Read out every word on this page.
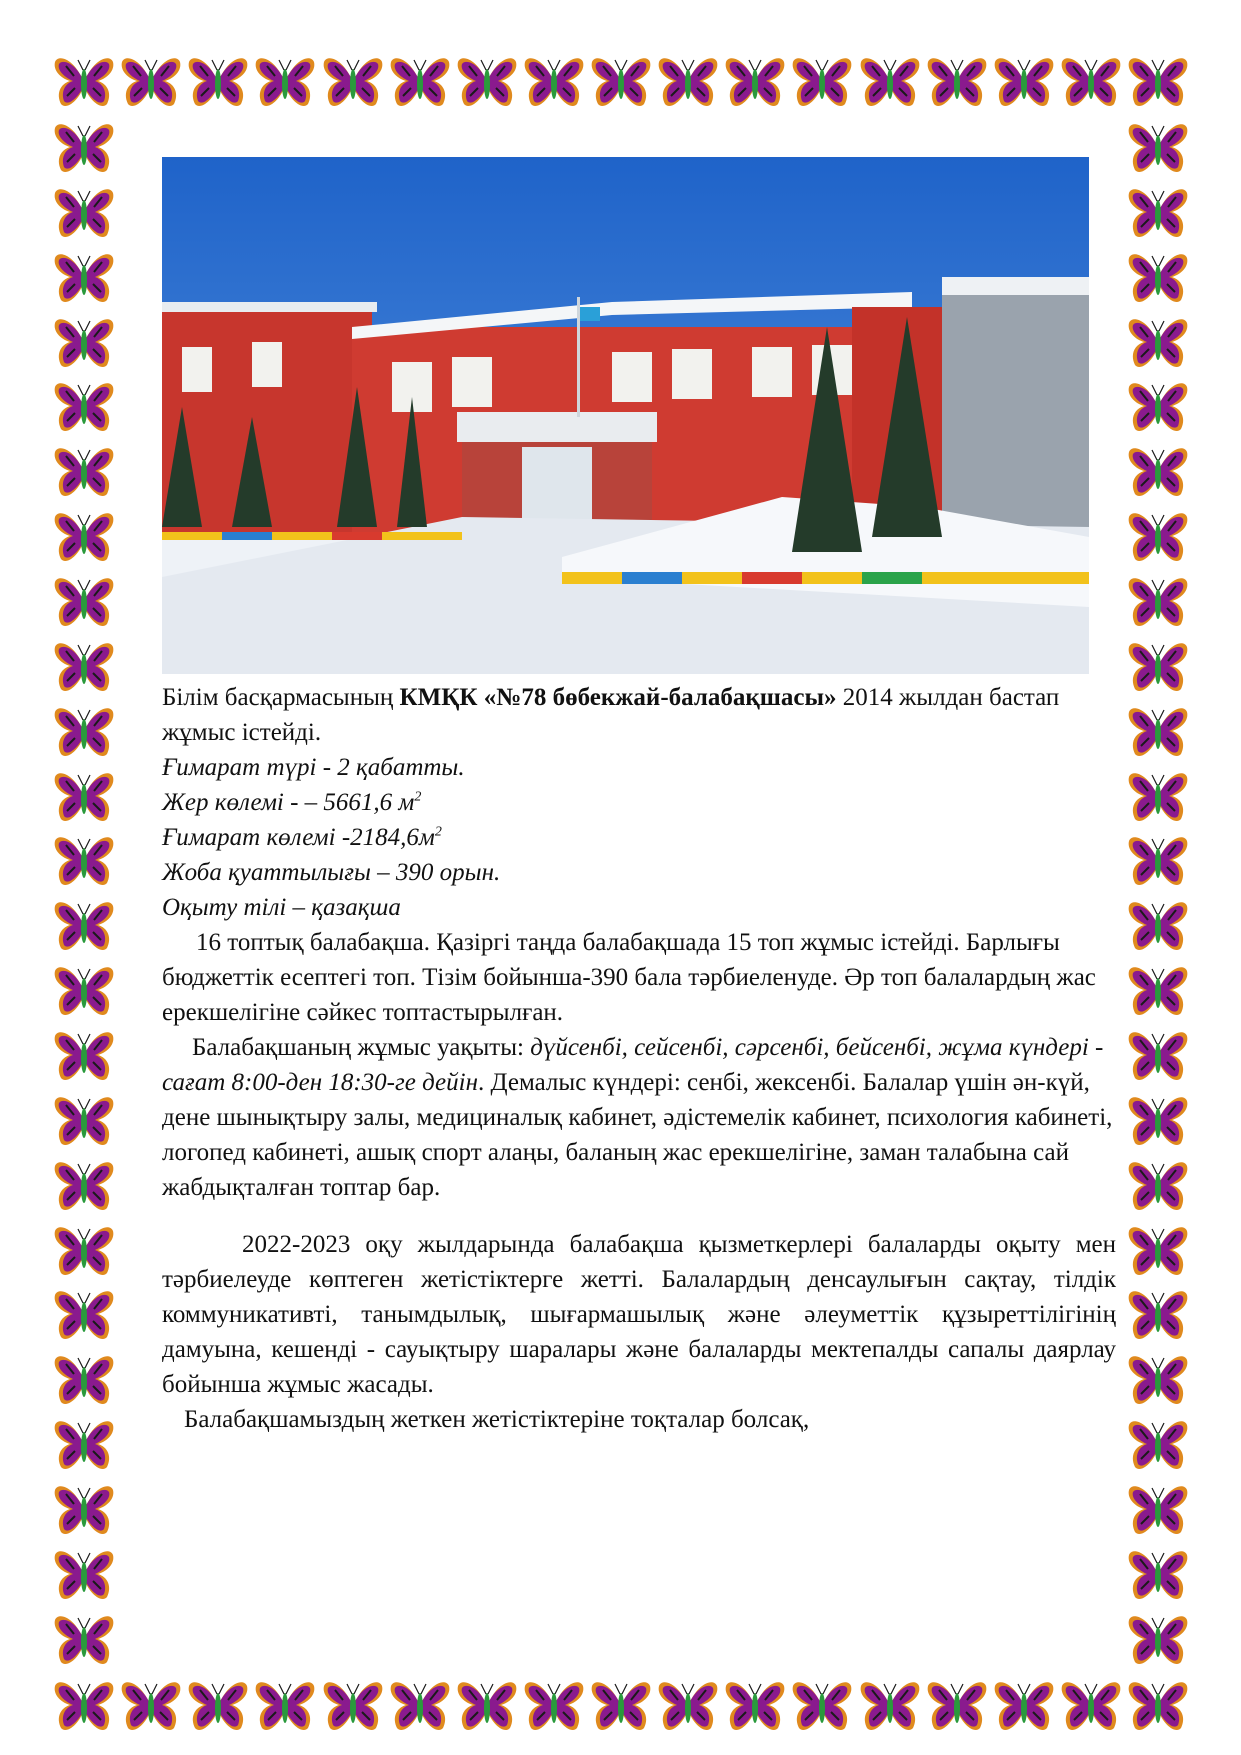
Білім басқармасының КМҚК «№78 бөбекжай-балабақшасы» 2014 жылдан бастап жұмыс істейді.

Ғимарат түрі - 2 қабатты.

Жер көлемі - – 5661,6 $м^2$

Ғимарат көлемі $-2184,6м^2$

Жоба қуаттылығы – 390 орын.

Оқыту тілі – қазақша

16 топтық балабақша. Қазіргі таңда балабақшада 15 топ жұмыс істейді. Барлығы бюджеттік есептегі топ. Тізім бойынша-390 бала тәрбиеленуде. Әр топ балалардың жас ерекшелігіне сәйкес топтастырылған.

Балабақшаның жұмыс уақыты: дүйсенбі, сейсенбі, сәрсенбі, бейсенбі, жұма күндері - сағат 8:00-ден 18:30-ге дейін. Демалыс күндері: сенбі, жексенбі. Балалар үшін ән-күй, дене шынықтыру залы, медициналық кабинет, әдістемелік кабинет, психология кабинеті, логопед кабинеті, ашық спорт алаңы, баланың жас ерекшелігіне, заман талабына сай жабдықталған топтар бар.

2022-2023 оқу жылдарында балабақша қызметкерлері балаларды оқыту мен тәрбиелеуде көптеген жетістіктерге жетті. Балалардың денсаулығын сақтау, тілдік коммуникативті, танымдылық, шығармашылық және әлеуметтік құзыреттілігінің дамуына, кешенді - сауықтыру шаралары және балаларды мектепалды сапалы даярлау бойынша жұмыс жасады.

Балабақшамыздың жеткен жетістіктеріне тоқталар болсақ,
